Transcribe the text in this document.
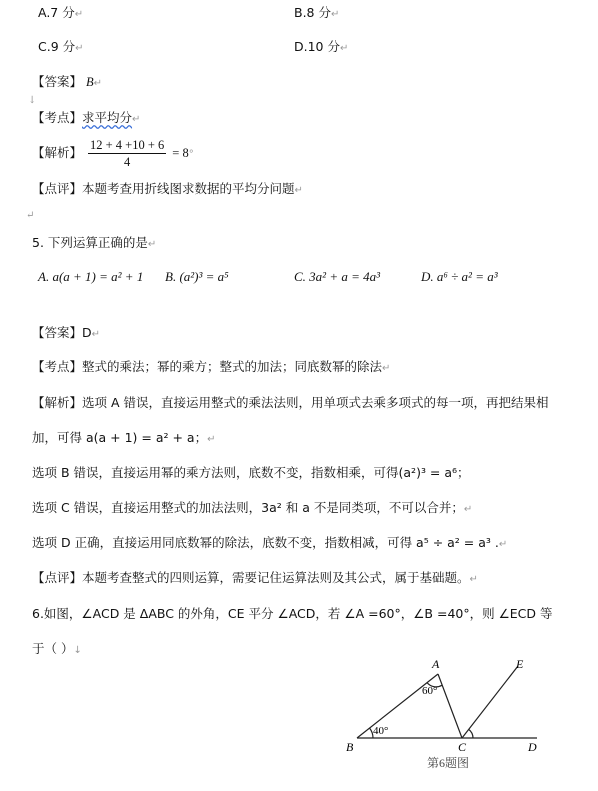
A.7 分↵	B.8 分↵
C.9 分↵	D.10 分↵
【答案】 B↵
↓
【考点】求平均分↵
【解析】 $\frac{12 + 4 +10 + 6}{4} = 8^\circ$
【点评】本题考查用折线图求数据的平均分问题↵
↵
5. 下列运算正确的是↵
A. a(a + 1) = a² + 1 B. (a²)³ = a⁵	C. 3a² + a = 4a³	D. a⁶ ÷ a² = a³
【答案】D↵
【考点】整式的乘法；幂的乘方；整式的加法；同底数幂的除法↵
【解析】选项 A 错误，直接运用整式的乘法法则，用单项式去乘多项式的每一项，再把结果相
加，可得 a(a + 1) = a² + a；↵
选项 B 错误，直接运用幂的乘方法则，底数不变，指数相乘，可得(a²)³ = a⁶；
选项 C 错误，直接运用整式的加法法则，3a² 和 a 不是同类项，不可以合并；↵
选项 D 正确，直接运用同底数幂的除法，底数不变，指数相减，可得 a⁵ ÷ a² = a³ .↵
【点评】本题考查整式的四则运算，需要记住运算法则及其公式，属于基础题。↵
6.如图，∠ACD 是 ΔABC 的外角，CE 平分 ∠ACD，若 ∠A =60°，∠B =40°，则 ∠ECD 等
于（ ）↓
A
B	C	D
E
60°
40°
第6题图
